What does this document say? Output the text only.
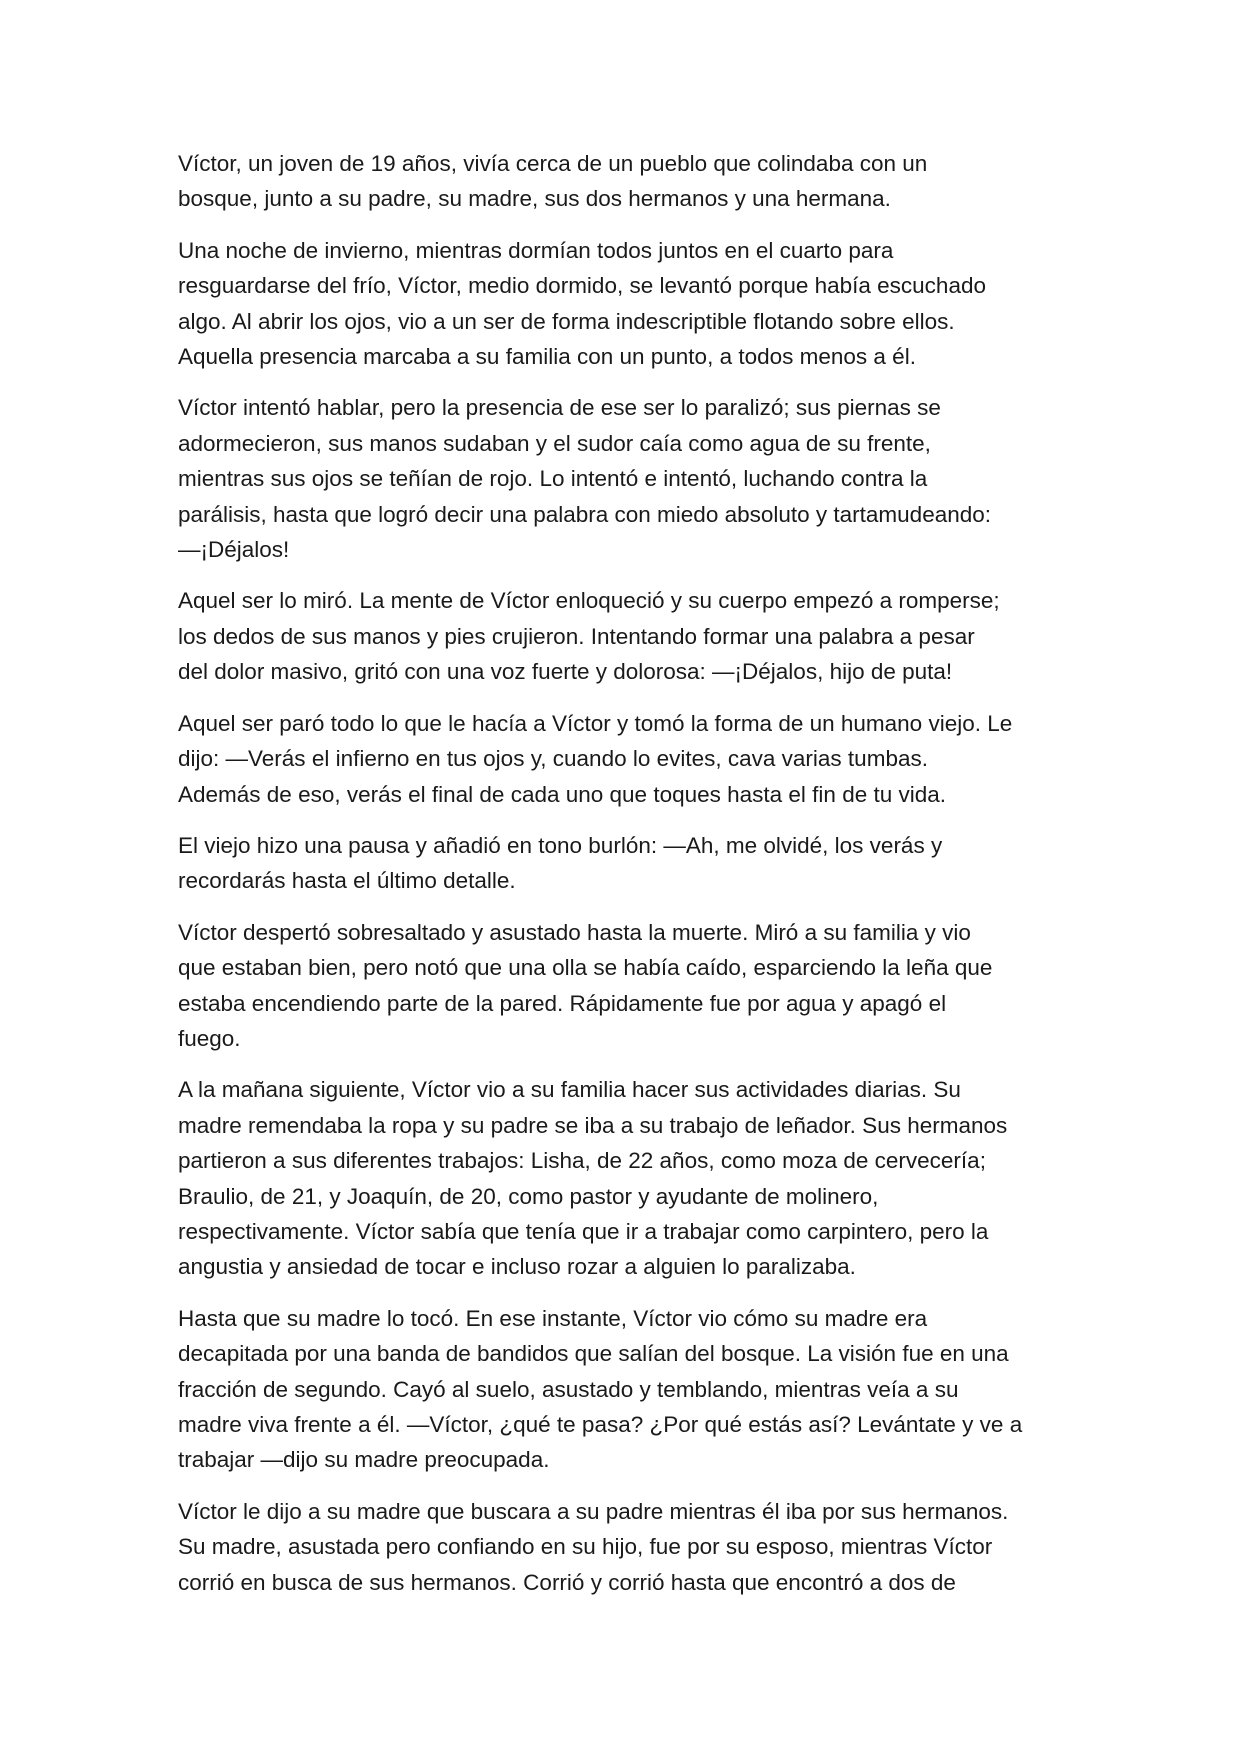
Víctor, un joven de 19 años, vivía cerca de un pueblo que colindaba con un
bosque, junto a su padre, su madre, sus dos hermanos y una hermana.

Una noche de invierno, mientras dormían todos juntos en el cuarto para
resguardarse del frío, Víctor, medio dormido, se levantó porque había escuchado
algo. Al abrir los ojos, vio a un ser de forma indescriptible flotando sobre ellos.
Aquella presencia marcaba a su familia con un punto, a todos menos a él.

Víctor intentó hablar, pero la presencia de ese ser lo paralizó; sus piernas se
adormecieron, sus manos sudaban y el sudor caía como agua de su frente,
mientras sus ojos se teñían de rojo. Lo intentó e intentó, luchando contra la
parálisis, hasta que logró decir una palabra con miedo absoluto y tartamudeando:
—¡Déjalos!

Aquel ser lo miró. La mente de Víctor enloqueció y su cuerpo empezó a romperse;
los dedos de sus manos y pies crujieron. Intentando formar una palabra a pesar
del dolor masivo, gritó con una voz fuerte y dolorosa: —¡Déjalos, hijo de puta!

Aquel ser paró todo lo que le hacía a Víctor y tomó la forma de un humano viejo. Le
dijo: —Verás el infierno en tus ojos y, cuando lo evites, cava varias tumbas.
Además de eso, verás el final de cada uno que toques hasta el fin de tu vida.

El viejo hizo una pausa y añadió en tono burlón: —Ah, me olvidé, los verás y
recordarás hasta el último detalle.

Víctor despertó sobresaltado y asustado hasta la muerte. Miró a su familia y vio
que estaban bien, pero notó que una olla se había caído, esparciendo la leña que
estaba encendiendo parte de la pared. Rápidamente fue por agua y apagó el
fuego.

A la mañana siguiente, Víctor vio a su familia hacer sus actividades diarias. Su
madre remendaba la ropa y su padre se iba a su trabajo de leñador. Sus hermanos
partieron a sus diferentes trabajos: Lisha, de 22 años, como moza de cervecería;
Braulio, de 21, y Joaquín, de 20, como pastor y ayudante de molinero,
respectivamente. Víctor sabía que tenía que ir a trabajar como carpintero, pero la
angustia y ansiedad de tocar e incluso rozar a alguien lo paralizaba.

Hasta que su madre lo tocó. En ese instante, Víctor vio cómo su madre era
decapitada por una banda de bandidos que salían del bosque. La visión fue en una
fracción de segundo. Cayó al suelo, asustado y temblando, mientras veía a su
madre viva frente a él. —Víctor, ¿qué te pasa? ¿Por qué estás así? Levántate y ve a
trabajar —dijo su madre preocupada.

Víctor le dijo a su madre que buscara a su padre mientras él iba por sus hermanos.
Su madre, asustada pero confiando en su hijo, fue por su esposo, mientras Víctor
corrió en busca de sus hermanos. Corrió y corrió hasta que encontró a dos de
